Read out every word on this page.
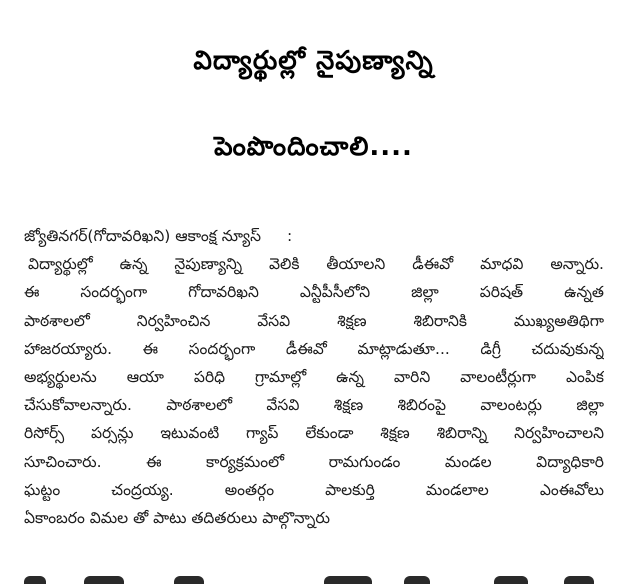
విద్యార్థుల్లో నైపుణ్యాన్ని
పెంపొందించాలి....
జ్యోతినగర్(గోదావరిఖని) ఆకాంక్ష న్యూస్ :
విద్యార్థుల్లో ఉన్న నైపుణ్యాన్ని వెలికి తీయాలని డీఈవో మాధవి అన్నారు.
ఈ సందర్భంగా గోదావరిఖని ఎన్టీపీసీలోని జిల్లా పరిషత్ ఉన్నత
పాఠశాలలో నిర్వహించిన వేసవి శిక్షణ శిబిరానికి ముఖ్యఅతిథిగా
హాజరయ్యారు. ఈ సందర్భంగా డీఈవో మాట్లాడుతూ... డిగ్రీ చదువుకున్న
అభ్యర్థులను ఆయా పరిధి గ్రామాల్లో ఉన్న వారిని వాలంటీర్లుగా ఎంపిక
చేసుకోవాలన్నారు. పాఠశాలలో వేసవి శిక్షణ శిబిరంపై వాలంటర్లు జిల్లా
రిసోర్స్ పర్సన్లు ఇటువంటి గ్యాప్ లేకుండా శిక్షణ శిబిరాన్ని నిర్వహించాలని
సూచించారు. ఈ కార్యక్రమంలో రామగుండం మండల విద్యాధికారి
ఘట్టం చంద్రయ్య. అంతర్గం పాలకుర్తి మండలాల ఎంఈవోలు
ఏకాంబరం విమల తో పాటు తదితరులు పాల్గొన్నారు
